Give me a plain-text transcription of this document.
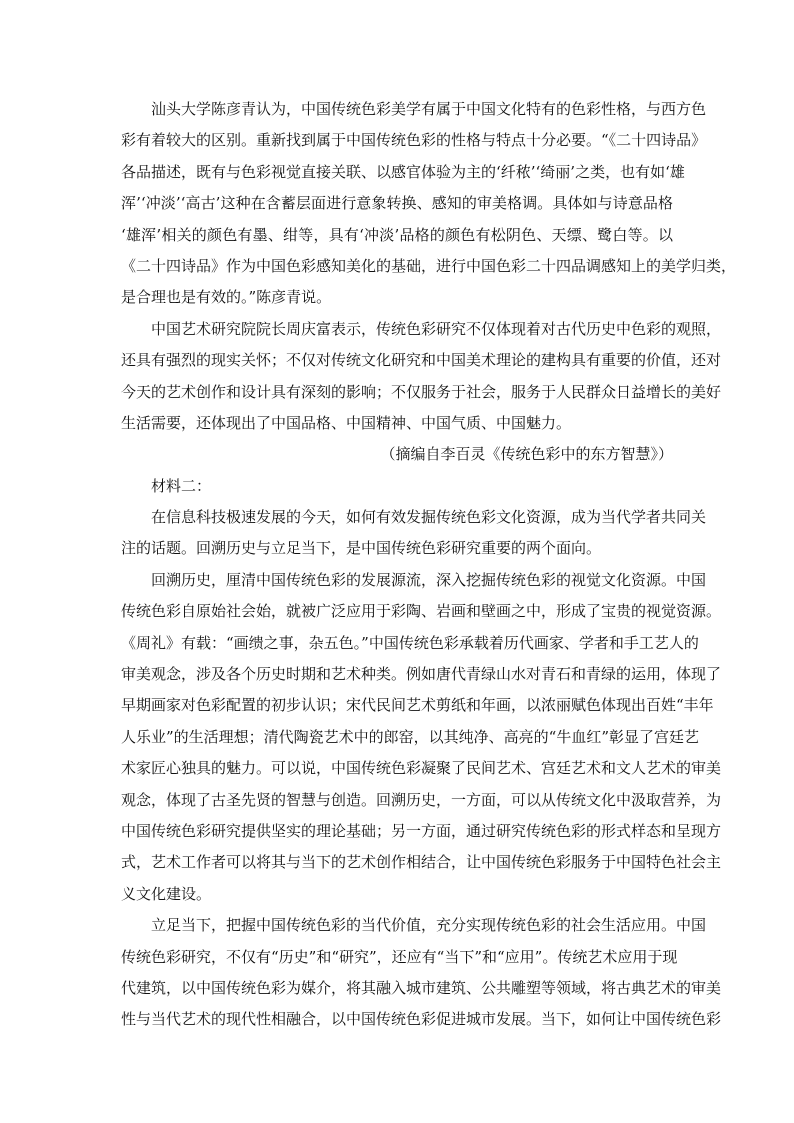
汕头大学陈彦青认为，中国传统色彩美学有属于中国文化特有的色彩性格，与西方色
彩有着较大的区别。重新找到属于中国传统色彩的性格与特点十分必要。“《二十四诗品》
各品描述，既有与色彩视觉直接关联、以感官体验为主的‘纤秾’‘绮丽’之类，也有如‘雄
浑’‘冲淡’‘高古’这种在含蓄层面进行意象转换、感知的审美格调。具体如与诗意品格
‘雄浑’相关的颜色有墨、绀等，具有‘冲淡’品格的颜色有松阴色、天缥、鹭白等。以
《二十四诗品》作为中国色彩感知美化的基础，进行中国色彩二十四品调感知上的美学归类，
是合理也是有效的。”陈彦青说。
中国艺术研究院院长周庆富表示，传统色彩研究不仅体现着对古代历史中色彩的观照，
还具有强烈的现实关怀；不仅对传统文化研究和中国美术理论的建构具有重要的价值，还对
今天的艺术创作和设计具有深刻的影响；不仅服务于社会，服务于人民群众日益增长的美好
生活需要，还体现出了中国品格、中国精神、中国气质、中国魅力。
（摘编自李百灵《传统色彩中的东方智慧》）
材料二：
在信息科技极速发展的今天，如何有效发掘传统色彩文化资源，成为当代学者共同关
注的话题。回溯历史与立足当下，是中国传统色彩研究重要的两个面向。
回溯历史，厘清中国传统色彩的发展源流，深入挖掘传统色彩的视觉文化资源。中国
传统色彩自原始社会始，就被广泛应用于彩陶、岩画和壁画之中，形成了宝贵的视觉资源。
《周礼》有载：“画缋之事，杂五色。”中国传统色彩承载着历代画家、学者和手工艺人的
审美观念，涉及各个历史时期和艺术种类。例如唐代青绿山水对青石和青绿的运用，体现了
早期画家对色彩配置的初步认识；宋代民间艺术剪纸和年画，以浓丽赋色体现出百姓“丰年
人乐业”的生活理想；清代陶瓷艺术中的郎窑，以其纯净、高亮的“牛血红”彰显了宫廷艺
术家匠心独具的魅力。可以说，中国传统色彩凝聚了民间艺术、宫廷艺术和文人艺术的审美
观念，体现了古圣先贤的智慧与创造。回溯历史，一方面，可以从传统文化中汲取营养，为
中国传统色彩研究提供坚实的理论基础；另一方面，通过研究传统色彩的形式样态和呈现方
式，艺术工作者可以将其与当下的艺术创作相结合，让中国传统色彩服务于中国特色社会主
义文化建设。
立足当下，把握中国传统色彩的当代价值，充分实现传统色彩的社会生活应用。中国
传统色彩研究，不仅有“历史”和“研究”，还应有“当下”和“应用”。传统艺术应用于现
代建筑，以中国传统色彩为媒介，将其融入城市建筑、公共雕塑等领域，将古典艺术的审美
性与当代艺术的现代性相融合，以中国传统色彩促进城市发展。当下，如何让中国传统色彩
